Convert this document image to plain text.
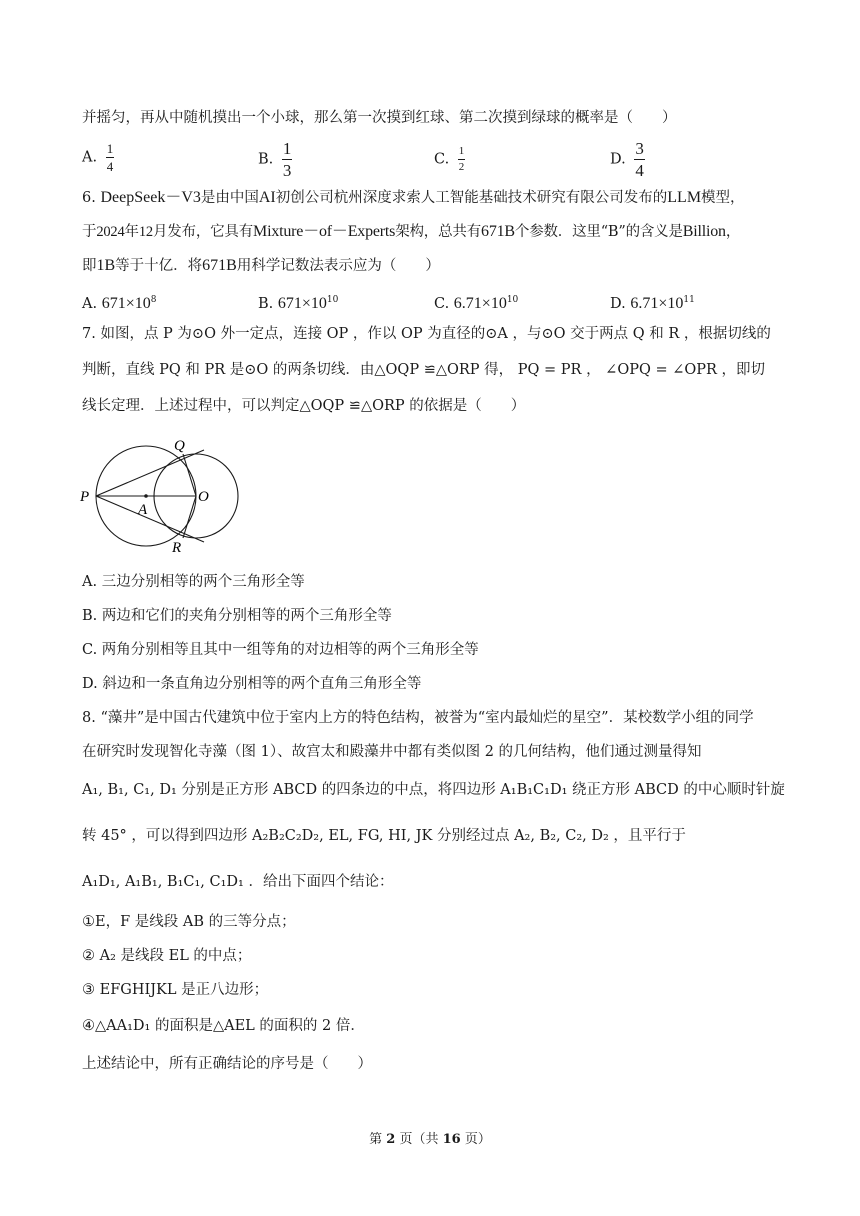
并摇匀，再从中随机摸出一个小球，那么第一次摸到红球、第二次摸到绿球的概率是（　　）
A. $\frac{1}{4}$	B. $\frac{1}{3}$	C. $\frac{1}{2}$	D. $\frac{3}{4}$
6. DeepSeek－V3是由中国AI初创公司杭州深度求索人工智能基础技术研究有限公司发布的LLM模型，
于2024年12月发布，它具有Mixture－of－Experts架构，总共有671B个参数．这里“B”的含义是Billion，
即1B等于十亿．将671B用科学记数法表示应为（　　）
A. $671\times 10^8$	B. $671\times 10^{10}$	C. $6.71\times 10^{10}$	D. $6.71\times 10^{11}$
7. 如图，点 P 为⊙O 外一定点，连接 OP ，作以 OP 为直径的⊙A ，与⊙O 交于两点 Q 和 R ，根据切线的
判断，直线 PQ 和 PR 是⊙O 的两条切线．由△OQP ≌△ORP 得， PQ = PR ， ∠OPQ = ∠OPR ，即切
线长定理．上述过程中，可以判定△OQP ≌△ORP 的依据是（　　）
P
Q
O
A
R
A. 三边分别相等的两个三角形全等
B. 两边和它们的夹角分别相等的两个三角形全等
C. 两角分别相等且其中一组等角的对边相等的两个三角形全等
D. 斜边和一条直角边分别相等的两个直角三角形全等
8. “藻井”是中国古代建筑中位于室内上方的特色结构，被誉为“室内最灿烂的星空”．某校数学小组的同学
在研究时发现智化寺藻（图 1）、故宫太和殿藻井中都有类似图 2 的几何结构，他们通过测量得知
A₁, B₁, C₁, D₁ 分别是正方形 ABCD 的四条边的中点，将四边形 A₁B₁C₁D₁ 绕正方形 ABCD 的中心顺时针旋
转 45° ，可以得到四边形 A₂B₂C₂D₂, EL, FG, HI, JK 分别经过点 A₂, B₂, C₂, D₂ ，且平行于
A₁D₁, A₁B₁, B₁C₁, C₁D₁ ．给出下面四个结论：
①E，F 是线段 AB 的三等分点；
② A₂ 是线段 EL 的中点；
③ EFGHIJKL 是正八边形；
④△AA₁D₁ 的面积是△AEL 的面积的 2 倍．
上述结论中，所有正确结论的序号是（　　）
第 2 页（共 16 页）
